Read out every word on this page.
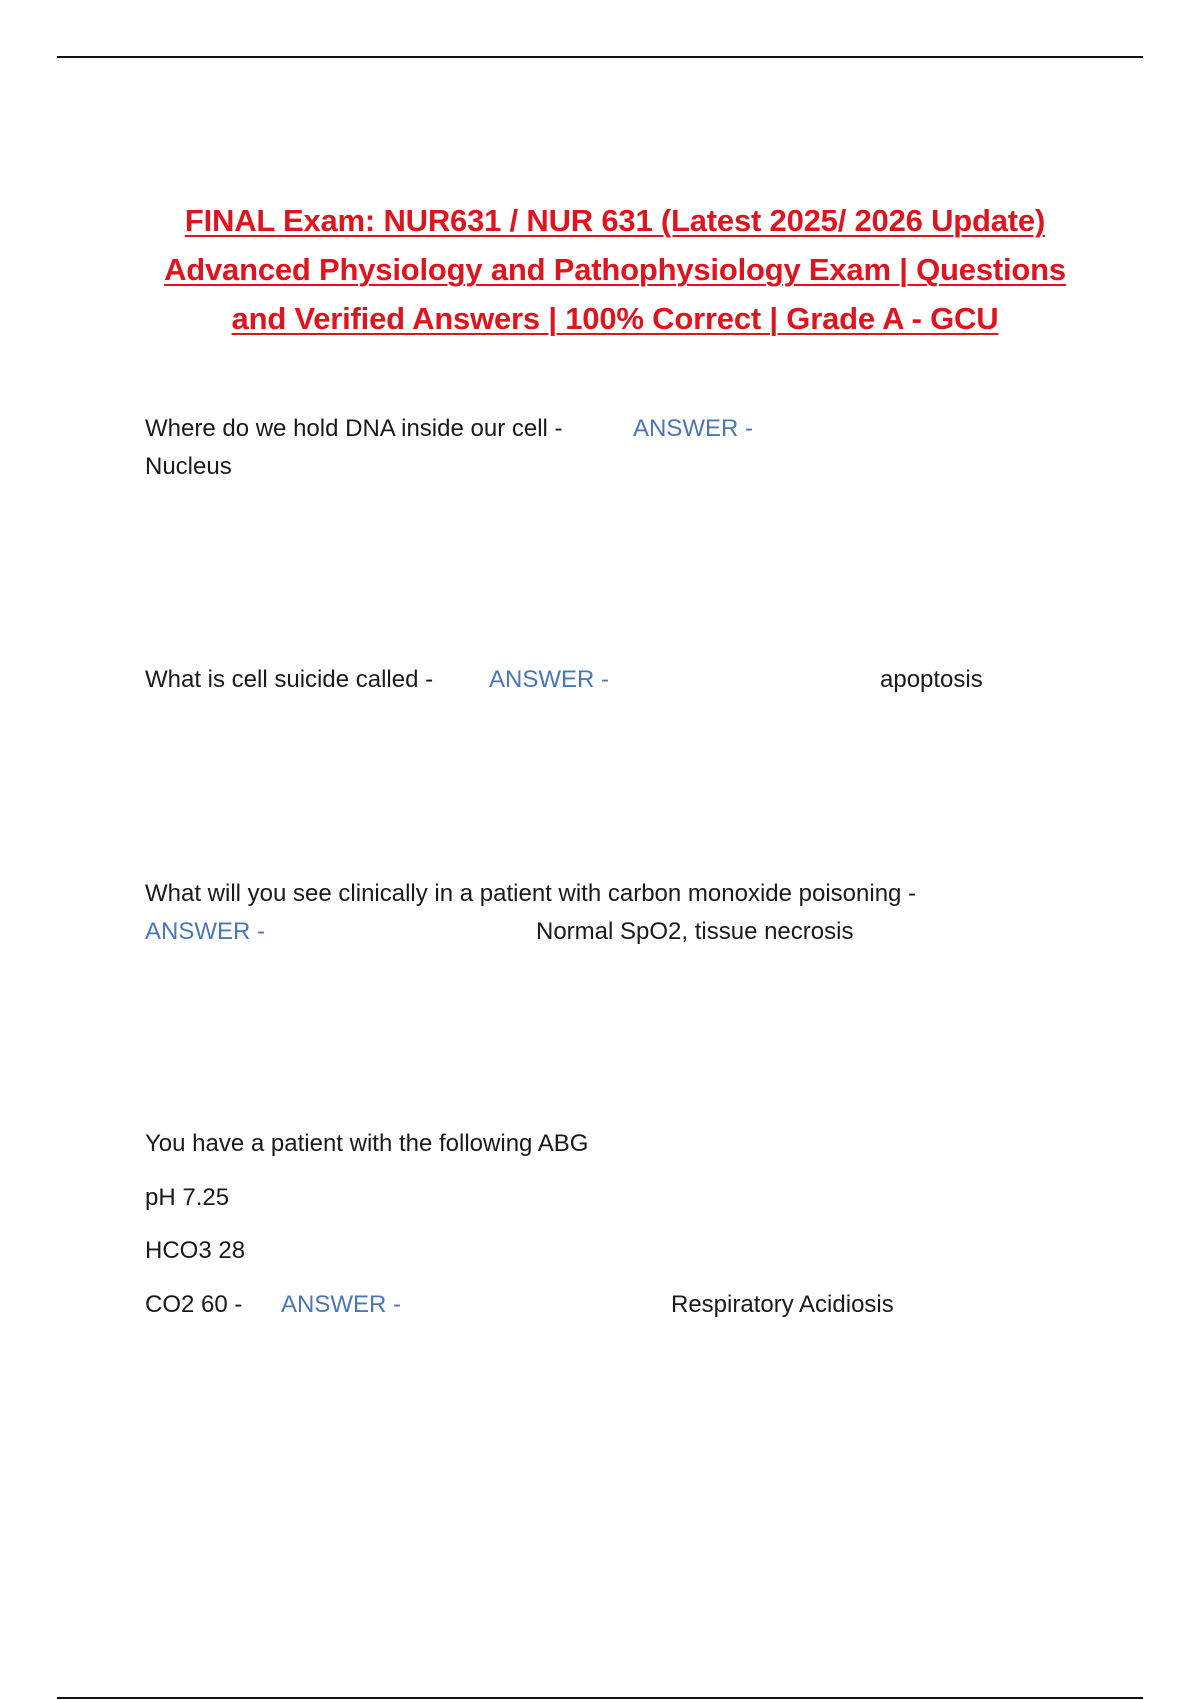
FINAL Exam: NUR631 / NUR 631 (Latest 2025/ 2026 Update)
Advanced Physiology and Pathophysiology Exam | Questions
and Verified Answers | 100% Correct | Grade A - GCU
Where do we hold DNA inside our cell -	ANSWER -
Nucleus
What is cell suicide called - ANSWER -	apoptosis
What will you see clinically in a patient with carbon monoxide poisoning -
ANSWER -	Normal SpO2, tissue necrosis
You have a patient with the following ABG
pH 7.25
HCO3 28
CO2 60 - ANSWER -	Respiratory Acidiosis
